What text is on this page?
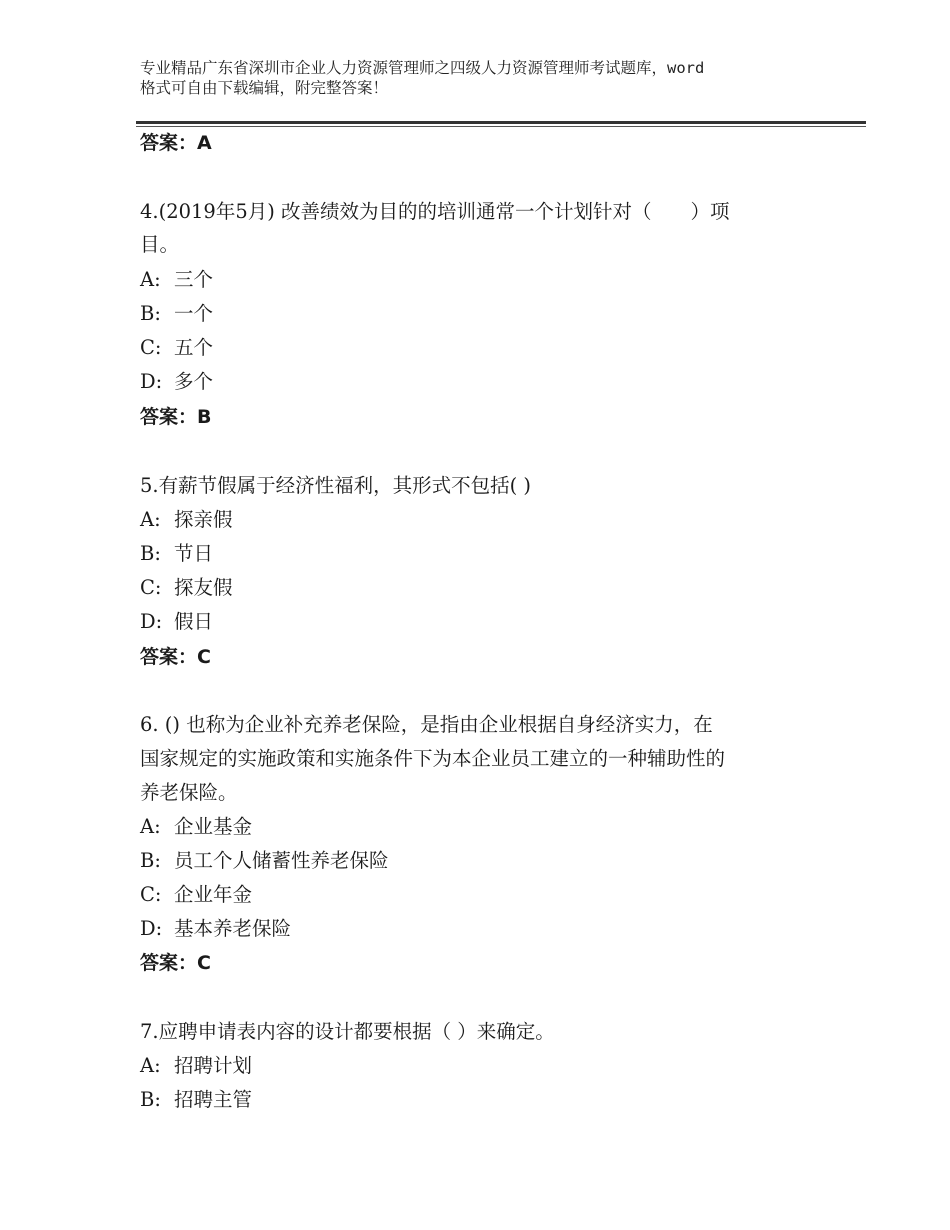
专业精品广东省深圳市企业人力资源管理师之四级人力资源管理师考试题库，word
格式可自由下载编辑，附完整答案！
答案：A
4.(2019年5月) 改善绩效为目的的培训通常一个计划针对（　　）项
目。
A: 三个
B: 一个
C: 五个
D: 多个
答案：B
5.有薪节假属于经济性福利，其形式不包括( )
A: 探亲假
B: 节日
C: 探友假
D: 假日
答案：C
6. () 也称为企业补充养老保险，是指由企业根据自身经济实力，在
国家规定的实施政策和实施条件下为本企业员工建立的一种辅助性的
养老保险。
A: 企业基金
B: 员工个人储蓄性养老保险
C: 企业年金
D: 基本养老保险
答案：C
7.应聘申请表内容的设计都要根据（ ）来确定。
A: 招聘计划
B: 招聘主管
